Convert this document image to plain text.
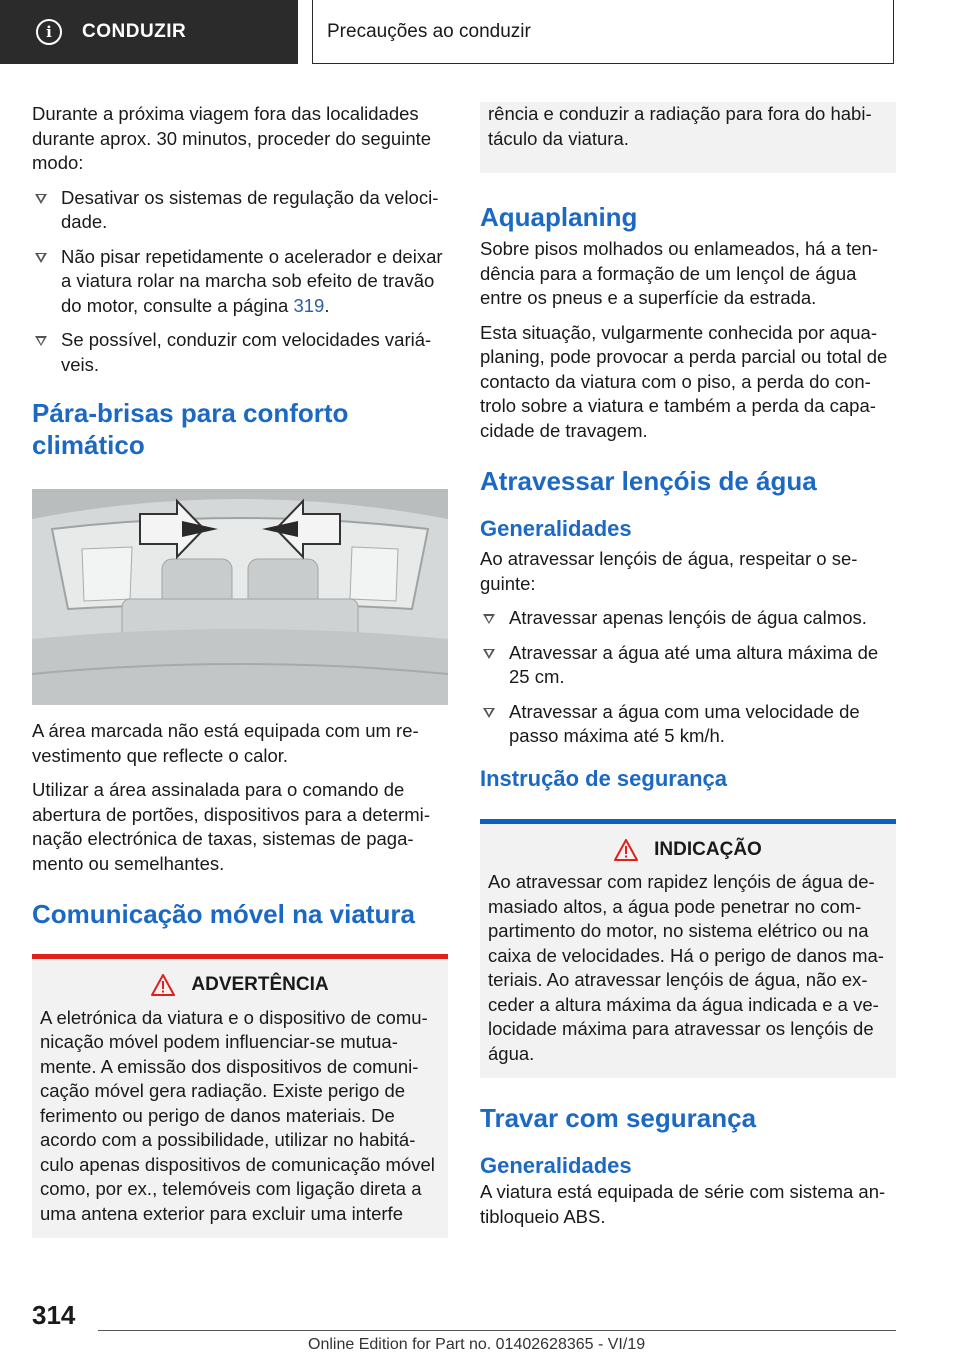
i	CONDUZIR	Precauções ao conduzir

Durante a próxima viagem fora das localidades durante aprox. 30 minutos, proceder do seguinte modo:

Desativar os sistemas de regulação da velocidade.
Não pisar repetidamente o acelerador e deixar a viatura rolar na marcha sob efeito de travão do motor, consulte a página 319.
Se possível, conduzir com velocidades variáveis.
Pára-brisas para conforto climático

A área marcada não está equipada com um revestimento que reflecte o calor.

Utilizar a área assinalada para o comando de abertura de portões, dispositivos para a determinação electrónica de taxas, sistemas de pagamento ou semelhantes.

Comunicação móvel na viatura
ADVERTÊNCIA
A eletrónica da viatura e o dispositivo de comunicação móvel podem influenciar-se mutuamente. A emissão dos dispositivos de comunicação móvel gera radiação. Existe perigo de ferimento ou perigo de danos materiais. De acordo com a possibilidade, utilizar no habitáculo apenas dispositivos de comunicação móvel como, por ex., telemóveis com ligação direta a uma antena exterior para excluir uma interfe
rência e conduzir a radiação para fora do habitáculo da viatura.
Aquaplaning

Sobre pisos molhados ou enlameados, há a tendência para a formação de um lençol de água entre os pneus e a superfície da estrada.

Esta situação, vulgarmente conhecida por aquaplaning, pode provocar a perda parcial ou total de contacto da viatura com o piso, a perda do controlo sobre a viatura e também a perda da capacidade de travagem.

Atravessar lençóis de água
Generalidades

Ao atravessar lençóis de água, respeitar o seguinte:

Atravessar apenas lençóis de água calmos.
Atravessar a água até uma altura máxima de 25 cm.
Atravessar a água com uma velocidade de passo máxima até 5 km/h.
Instrução de segurança
INDICAÇÃO
Ao atravessar com rapidez lençóis de água demasiado altos, a água pode penetrar no compartimento do motor, no sistema elétrico ou na caixa de velocidades. Há o perigo de danos materiais. Ao atravessar lençóis de água, não exceder a altura máxima da água indicada e a velocidade máxima para atravessar os lençóis de água.
Travar com segurança
Generalidades

A viatura está equipada de série com sistema antibloqueio ABS.

314
Online Edition for Part no. 01402628365 - VI/19
